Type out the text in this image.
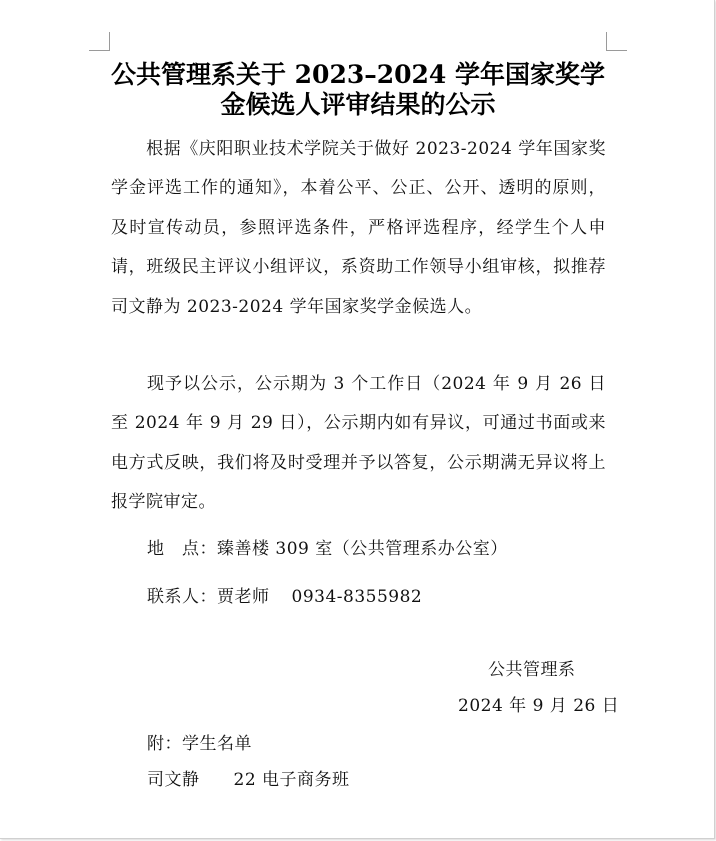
公共管理系关于 2023–2024 学年国家奖学
金候选人评审结果的公示

　　根据《庆阳职业技术学院关于做好 2023-2024 学年国家奖学金评选工作的通知》，本着公平、公正、公开、透明的原则，及时宣传动员，参照评选条件，严格评选程序，经学生个人申请，班级民主评议小组评议，系资助工作领导小组审核，拟推荐司文静为 2023-2024 学年国家奖学金候选人。

　　现予以公示，公示期为 3 个工作日（2024 年 9 月 26 日至 2024 年 9 月 29 日），公示期内如有异议，可通过书面或来电方式反映，我们将及时受理并予以答复，公示期满无异议将上报学院审定。

地　点：臻善楼 309 室（公共管理系办公室）
联系人：贾老师 0934-8355982
公共管理系
2024 年 9 月 26 日
附：学生名单
司文静 22 电子商务班
